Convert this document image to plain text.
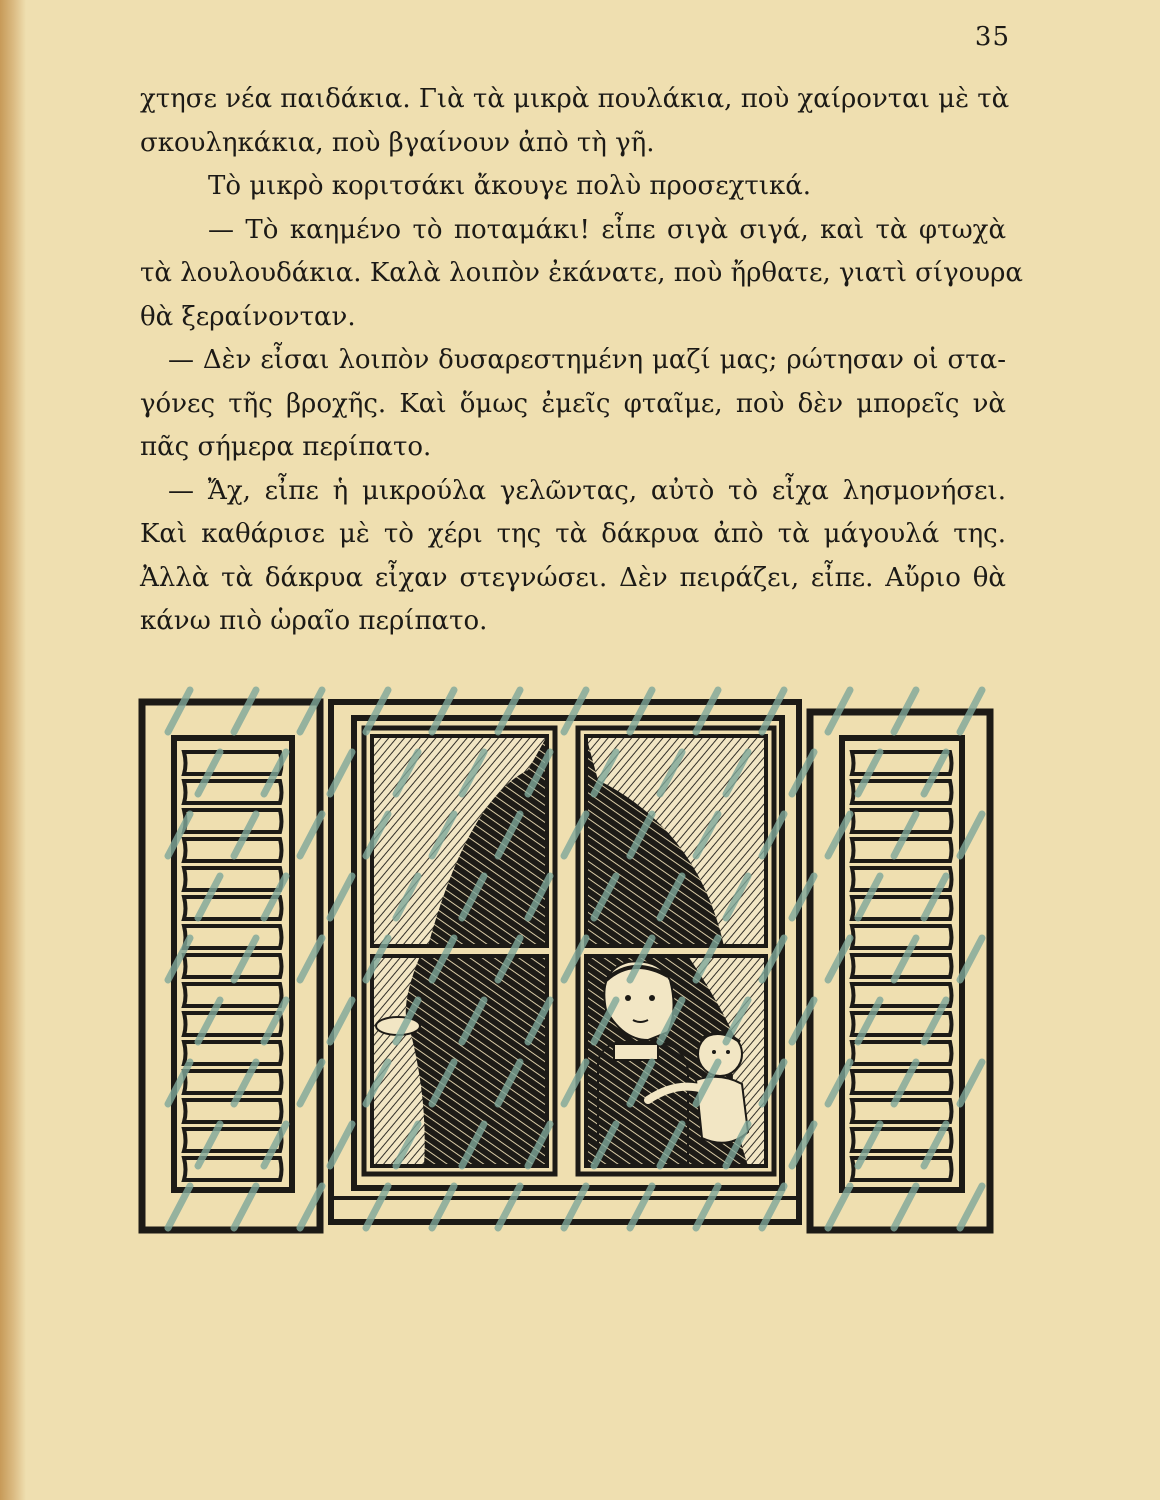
35
χτησε νέα παιδάκια. Γιὰ τὰ μικρὰ πουλάκια, ποὺ χαίρονται μὲ τὰ
σκουληκάκια, ποὺ βγαίνουν ἀπὸ τὴ γῆ.
Τὸ μικρὸ κοριτσάκι ἄκουγε πολὺ προσεχτικά.
— Τὸ καημένο τὸ ποταμάκι! εἶπε σιγὰ σιγά, καὶ τὰ φτωχὰ
τὰ λουλουδάκια. Καλὰ λοιπὸν ἐκάνατε, ποὺ ἤρθατε, γιατὶ σίγουρα
θὰ ξεραίνονταν.
— Δὲν εἶσαι λοιπὸν δυσαρεστημένη μαζί μας; ρώτησαν οἱ στα-
γόνες τῆς βροχῆς. Καὶ ὅμως ἐμεῖς φταῖμε, ποὺ δὲν μπορεῖς νὰ
πᾶς σήμερα περίπατο.
— Ἄχ, εἶπε ἡ μικρούλα γελῶντας, αὐτὸ τὸ εἶχα λησμονήσει.
Καὶ καθάρισε μὲ τὸ χέρι της τὰ δάκρυα ἀπὸ τὰ μάγουλά της.
Ἀλλὰ τὰ δάκρυα εἶχαν στεγνώσει. Δὲν πειράζει, εἶπε. Αὔριο θὰ
κάνω πιὸ ὡραῖο περίπατο.
